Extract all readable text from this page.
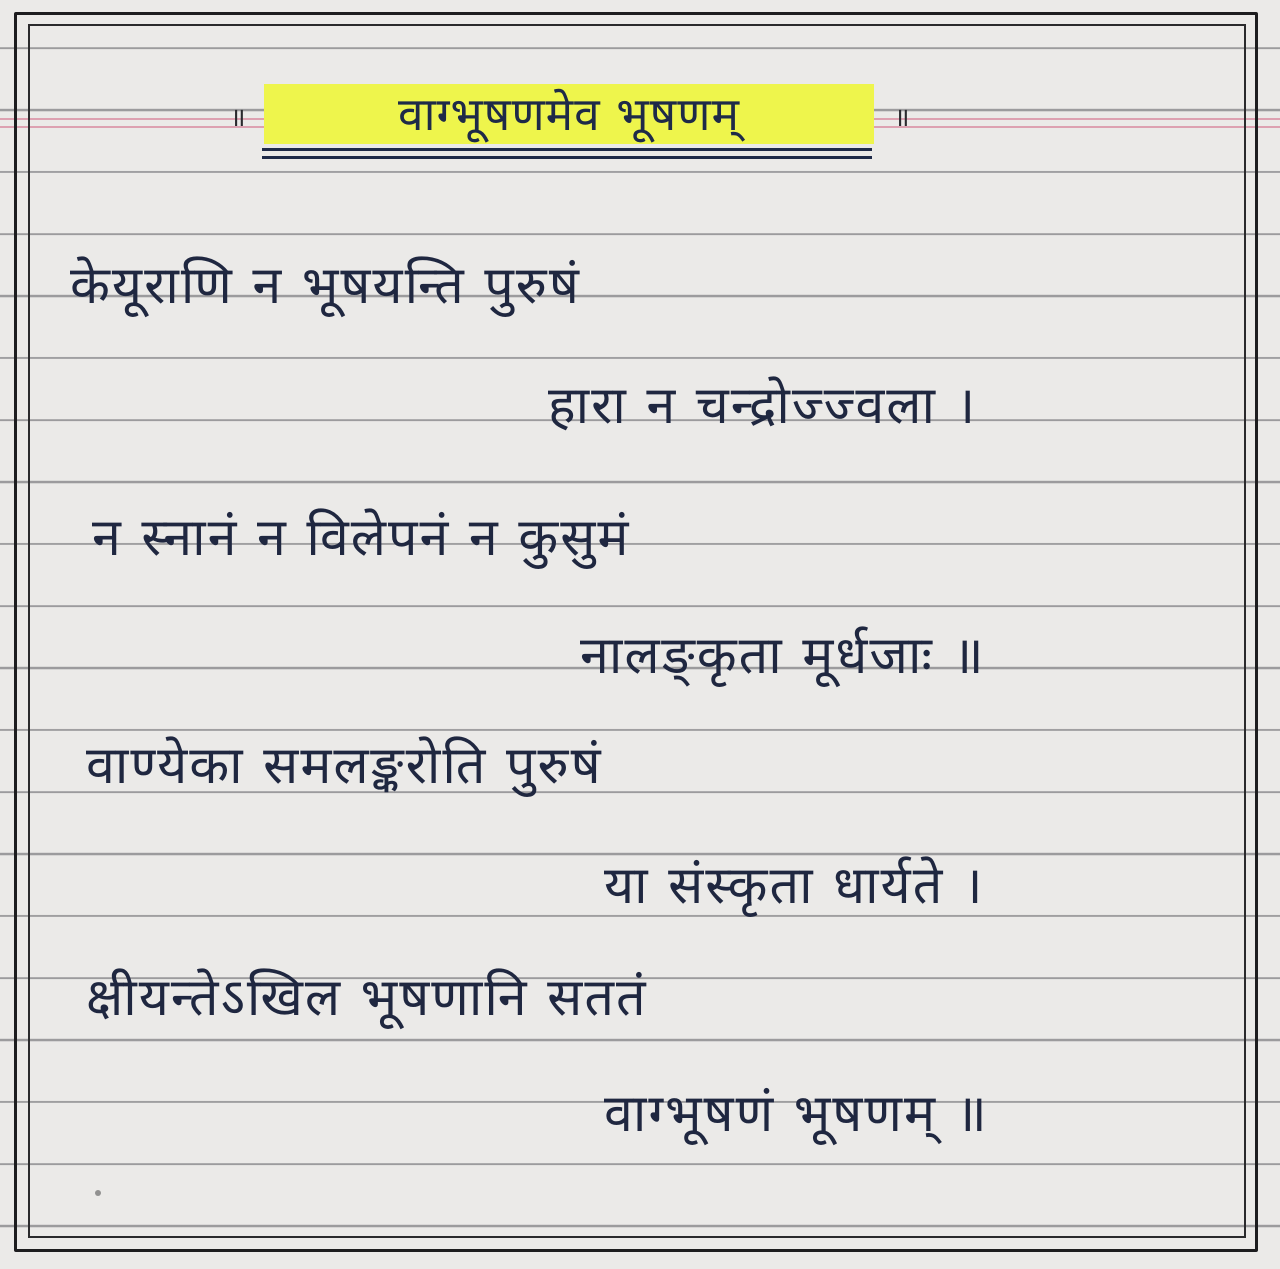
॥	वाग्भूषणमेव भूषणम्	॥
केयूराणि न भूषयन्ति पुरुषं
हारा न चन्द्रोज्ज्वला ।
न स्नानं न विलेपनं न कुसुमं
नालङ्कृता मूर्धजाः ॥
वाण्येका समलङ्करोति पुरुषं
या संस्कृता धार्यते ।
क्षीयन्तेऽखिल भूषणानि सततं
वाग्भूषणं भूषणम् ॥
